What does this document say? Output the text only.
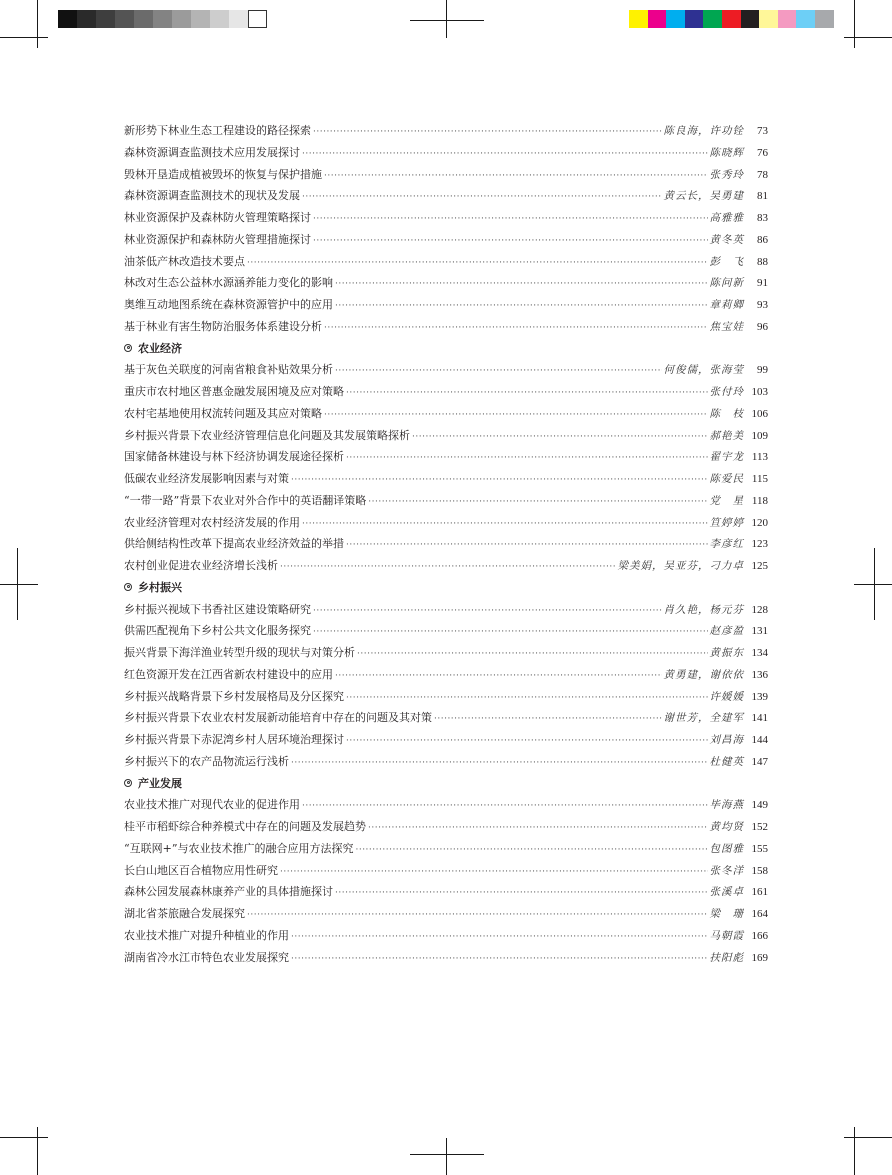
新形势下林业生态工程建设的路径探索 ·····	陈良海，许功铨	73
森林资源调查监测技术应用发展探讨 ·····	陈晓辉	76
毁林开垦造成植被毁坏的恢复与保护措施 ·····	张秀玲	78
森林资源调查监测技术的现状及发展 ·····	黄云长，吴勇建	81
林业资源保护及森林防火管理策略探讨 ·····	高雅雅	83
林业资源保护和森林防火管理措施探讨 ·····	黄冬英	86
油茶低产林改造技术要点 ·····	彭　飞	88
林改对生态公益林水源涵养能力变化的影响 ·····	陈问新	91
奥维互动地图系统在森林资源管护中的应用 ·····	章莉卿	93
基于林业有害生物防治服务体系建设分析 ·····	焦宝娃	96
农业经济
基于灰色关联度的河南省粮食补贴效果分析 ·····	何俊儒，张海莹	99
重庆市农村地区普惠金融发展困境及应对策略 ·····	张付玲 103
农村宅基地使用权流转问题及其应对策略 ·····	陈　枝 106
乡村振兴背景下农业经济管理信息化问题及其发展策略探析 ·····	郝艳美 109
国家储备林建设与林下经济协调发展途径探析 ·····	翟宇龙 113
低碳农业经济发展影响因素与对策 ·····	陈爱民 115
“一带一路”背景下农业对外合作中的英语翻译策略 ·····	党　星 118
农业经济管理对农村经济发展的作用 ·····	笪婷婷 120
供给侧结构性改革下提高农业经济效益的举措 ·····	李彦红 123
农村创业促进农业经济增长浅析 ·····	梁美娟，吴亚芬，刁力卓 125
乡村振兴
乡村振兴视域下书香社区建设策略研究 ·····	肖久艳，杨元芬 128
供需匹配视角下乡村公共文化服务探究 ·····	赵彦盈 131
振兴背景下海洋渔业转型升级的现状与对策分析 ·····	黄振东 134
红色资源开发在江西省新农村建设中的应用 ·····	黄勇建，谢依依 136
乡村振兴战略背景下乡村发展格局及分区探究 ·····	许媛媛 139
乡村振兴背景下农业农村发展新动能培育中存在的问题及其对策 ·····	谢世芳，全建军 141
乡村振兴背景下赤泥湾乡村人居环境治理探讨 ·····	刘昌海 144
乡村振兴下的农产品物流运行浅析 ·····	杜健英 147
产业发展
农业技术推广对现代农业的促进作用 ·····	毕海燕 149
桂平市稻虾综合种养模式中存在的问题及发展趋势 ·····	黄均贤 152
“互联网+”与农业技术推广的融合应用方法探究 ·····	包图雅 155
长白山地区百合植物应用性研究 ·····	张冬洋 158
森林公园发展森林康养产业的具体措施探讨 ·····	张溪卓 161
湖北省茶旅融合发展探究 ·····	梁　珊 164
农业技术推广对提升种植业的作用 ·····	马朝霞 166
湖南省冷水江市特色农业发展探究 ·····	扶阳彪 169
